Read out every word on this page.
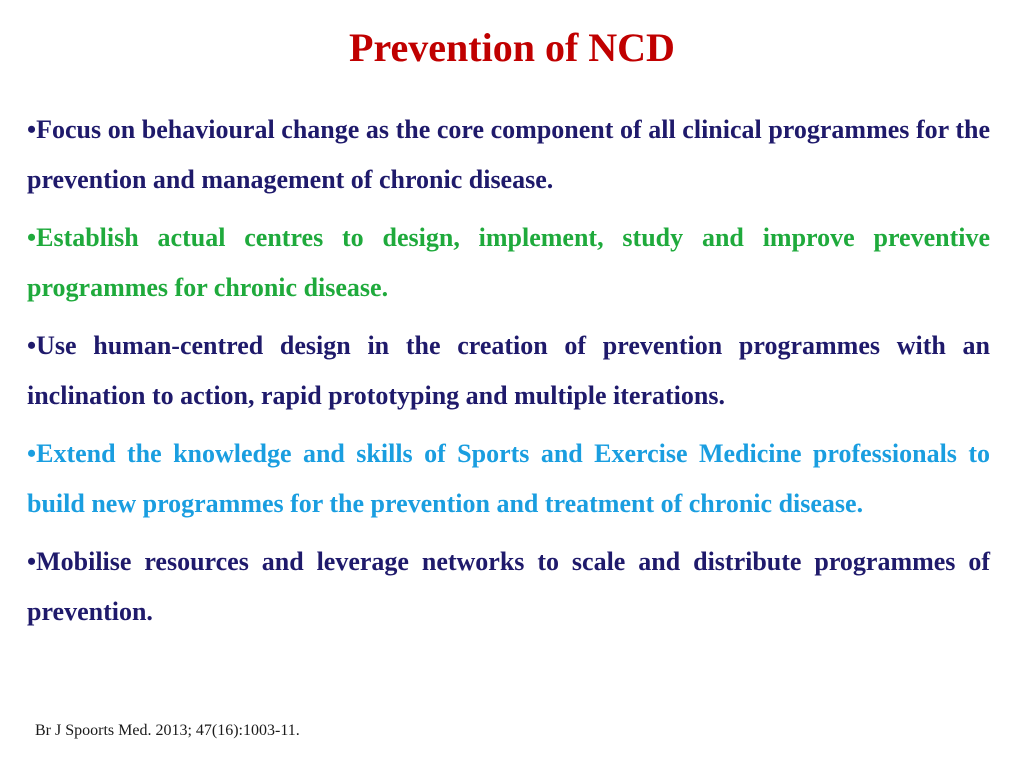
Prevention of NCD
•Focus on behavioural change as the core component of all clinical programmes for the prevention and management of chronic disease.
•Establish actual centres to design, implement, study and improve preventive programmes for chronic disease.
•Use human-centred design in the creation of prevention programmes with an inclination to action, rapid prototyping and multiple iterations.
•Extend the knowledge and skills of Sports and Exercise Medicine professionals to build new programmes for the prevention and treatment of chronic disease.
•Mobilise resources and leverage networks to scale and distribute programmes of prevention.
Br J Spoorts Med. 2013; 47(16):1003-11.
